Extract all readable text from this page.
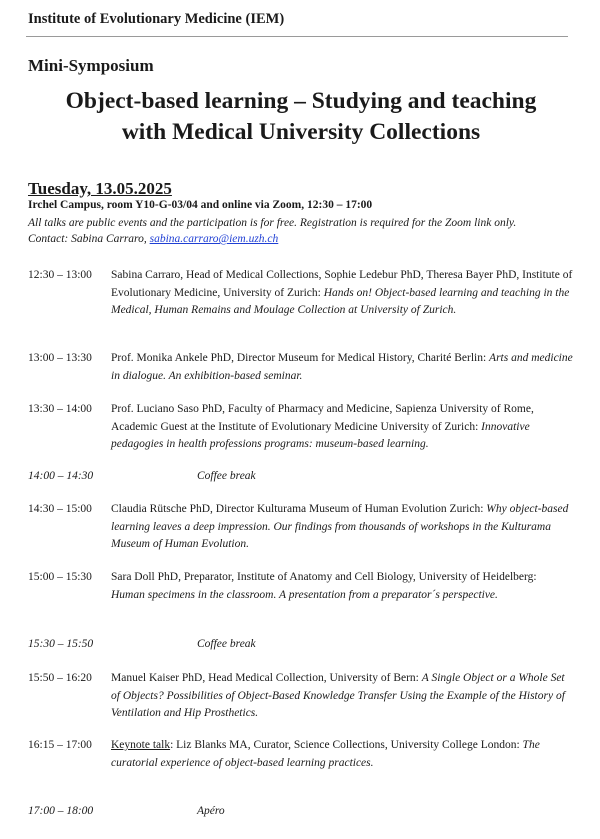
Institute of Evolutionary Medicine (IEM)
Mini-Symposium
Object-based learning – Studying and teaching
with Medical University Collections
Tuesday, 13.05.2025
Irchel Campus, room Y10-G-03/04 and online via Zoom, 12:30 – 17:00
All talks are public events and the participation is for free. Registration is required for the Zoom link only.
Contact: Sabina Carraro, sabina.carraro@iem.uzh.ch
12:30 – 13:00 Sabina Carraro, Head of Medical Collections, Sophie Ledebur PhD, Theresa Bayer PhD, Institute of Evolutionary Medicine, University of Zurich: Hands on! Object-based learning and teaching in the Medical, Human Remains and Moulage Collection at University of Zurich.
13:00 – 13:30 Prof. Monika Ankele PhD, Director Museum for Medical History, Charité Berlin: Arts and medicine in dialogue. An exhibition-based seminar.
13:30 – 14:00 Prof. Luciano Saso PhD, Faculty of Pharmacy and Medicine, Sapienza University of Rome, Academic Guest at the Institute of Evolutionary Medicine University of Zurich: Innovative pedagogies in health professions programs: museum-based learning.
14:00 – 14:30	Coffee break
14:30 – 15:00 Claudia Rütsche PhD, Director Kulturama Museum of Human Evolution Zurich: Why object-based learning leaves a deep impression. Our findings from thousands of workshops in the Kulturama Museum of Human Evolution.
15:00 – 15:30 Sara Doll PhD, Preparator, Institute of Anatomy and Cell Biology, University of Heidelberg: Human specimens in the classroom. A presentation from a preparator´s perspective.
15:30 – 15:50	Coffee break
15:50 – 16:20 Manuel Kaiser PhD, Head Medical Collection, University of Bern: A Single Object or a Whole Set of Objects? Possibilities of Object-Based Knowledge Transfer Using the Example of the History of Ventilation and Hip Prosthetics.
16:15 – 17:00 Keynote talk: Liz Blanks MA, Curator, Science Collections, University College London: The curatorial experience of object-based learning practices.
17:00 – 18:00	Apéro
